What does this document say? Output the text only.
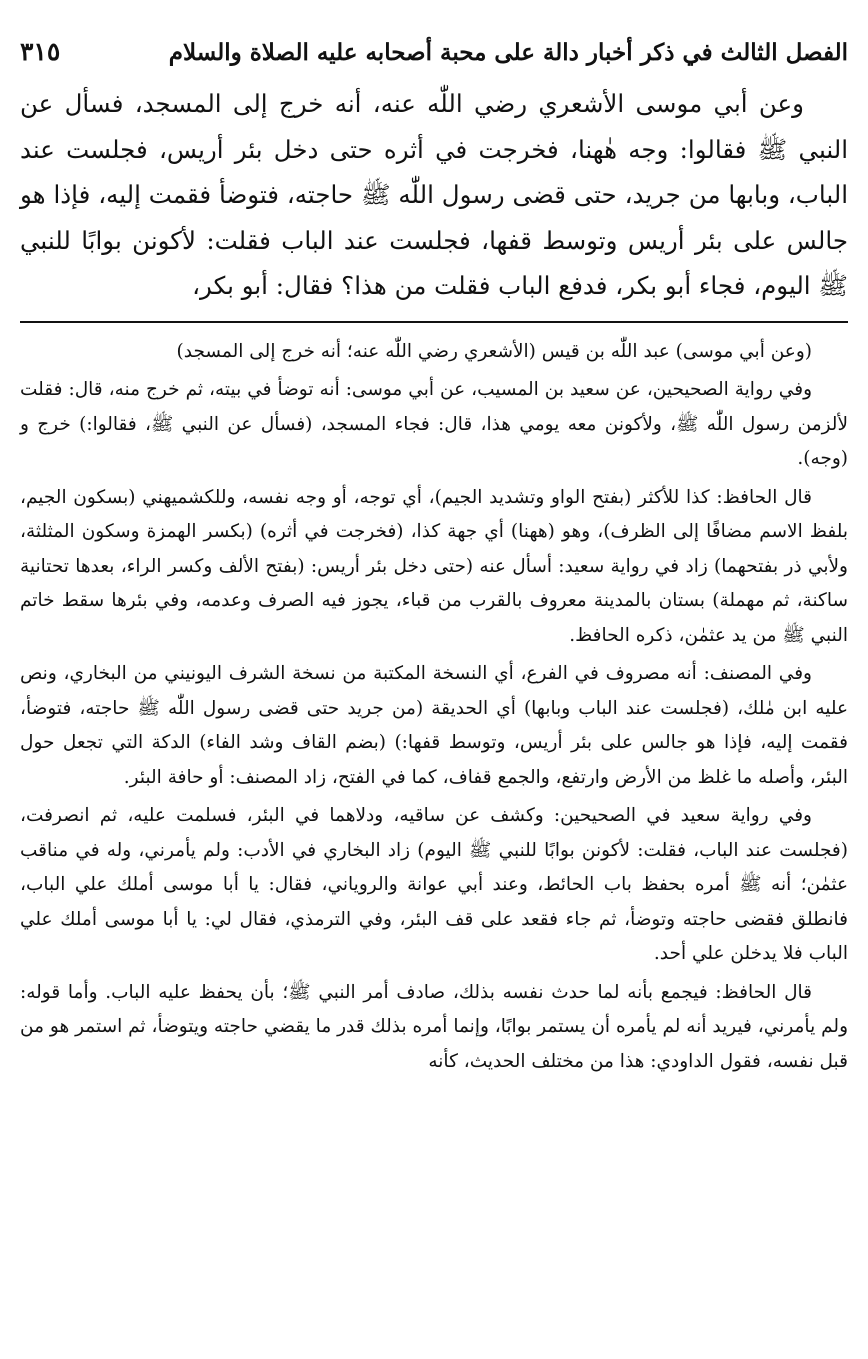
الفصل الثالث في ذكر أخبار دالة على محبة أصحابه عليه الصلاة والسلام
٣١٥

وعن أبي موسى الأشعري رضي اللّٰه عنه، أنه خرج إلى المسجد، فسأل عن النبي ﷺ فقالوا: وجه هٰهنا، فخرجت في أثره حتى دخل بئر أريس، فجلست عند الباب، وبابها من جريد، حتى قضى رسول اللّٰه ﷺ حاجته، فتوضأ فقمت إليه، فإذا هو جالس على بئر أريس وتوسط قفها، فجلست عند الباب فقلت: لأكونن بوابًا للنبي ﷺ اليوم، فجاء أبو بكر، فدفع الباب فقلت من هذا؟ فقال: أبو بكر،

(وعن أبي موسى) عبد اللّٰه بن قيس (الأشعري رضي اللّٰه عنه؛ أنه خرج إلى المسجد)

وفي رواية الصحيحين، عن سعيد بن المسيب، عن أبي موسى: أنه توضأ في بيته، ثم خرج منه، قال: فقلت لألزمن رسول اللّٰه ﷺ، ولأكونن معه يومي هذا، قال: فجاء المسجد، (فسأل عن النبي ﷺ، فقالوا:) خرج و (وجه).

قال الحافظ: كذا للأكثر (بفتح الواو وتشديد الجيم)، أي توجه، أو وجه نفسه، وللكشميهني (بسكون الجيم، بلفظ الاسم مضافًا إلى الظرف)، وهو (ههنا) أي جهة كذا، (فخرجت في أثره) (بكسر الهمزة وسكون المثلثة، ولأبي ذر بفتحهما) زاد في رواية سعيد: أسأل عنه (حتى دخل بئر أريس: (بفتح الألف وكسر الراء، بعدها تحتانية ساكنة، ثم مهملة) بستان بالمدينة معروف بالقرب من قباء، يجوز فيه الصرف وعدمه، وفي بئرها سقط خاتم النبي ﷺ من يد عثمٰن، ذكره الحافظ.

وفي المصنف: أنه مصروف في الفرع، أي النسخة المكتبة من نسخة الشرف اليونيني من البخاري، ونص عليه ابن مٰلك، (فجلست عند الباب وبابها) أي الحديقة (من جريد حتى قضى رسول اللّٰه ﷺ حاجته، فتوضأ، فقمت إليه، فإذا هو جالس على بئر أريس، وتوسط قفها:) (بضم القاف وشد الفاء) الدكة التي تجعل حول البئر، وأصله ما غلظ من الأرض وارتفع، والجمع قفاف، كما في الفتح، زاد المصنف: أو حافة البئر.

وفي رواية سعيد في الصحيحين: وكشف عن ساقيه، ودلاهما في البئر، فسلمت عليه، ثم انصرفت، (فجلست عند الباب، فقلت: لأكونن بوابًا للنبي ﷺ اليوم) زاد البخاري في الأدب: ولم يأمرني، وله في مناقب عثمٰن؛ أنه ﷺ أمره بحفظ باب الحائط، وعند أبي عوانة والروياني، فقال: يا أبا موسى أملك علي الباب، فانطلق فقضى حاجته وتوضأ، ثم جاء فقعد على قف البئر، وفي الترمذي، فقال لي: يا أبا موسى أملك علي الباب فلا يدخلن علي أحد.

قال الحافظ: فيجمع بأنه لما حدث نفسه بذلك، صادف أمر النبي ﷺ؛ بأن يحفظ عليه الباب. وأما قوله: ولم يأمرني، فيريد أنه لم يأمره أن يستمر بوابًا، وإنما أمره بذلك قدر ما يقضي حاجته ويتوضأ، ثم استمر هو من قبل نفسه، فقول الداودي: هذا من مختلف الحديث، كأنه
